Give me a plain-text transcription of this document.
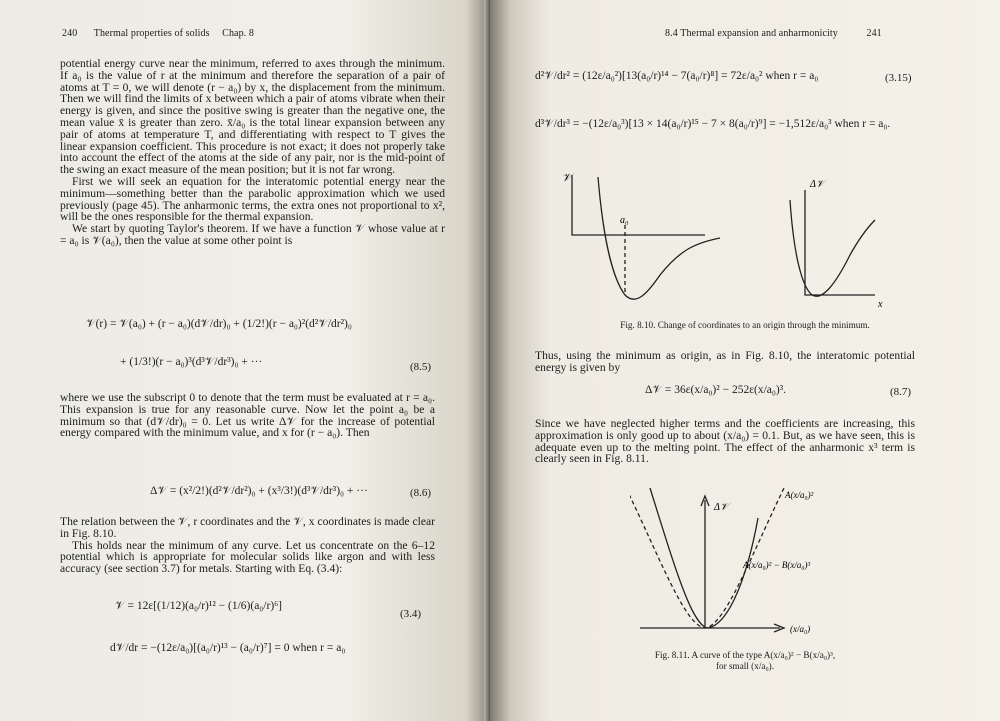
240 Thermal properties of solids Chap. 8

potential energy curve near the minimum, referred to axes through the minimum. If a₀ is the value of r at the minimum and therefore the separation of a pair of atoms at T = 0, we will denote (r − a₀) by x, the displacement from the minimum. Then we will find the limits of x between which a pair of atoms vibrate when their energy is given, and since the positive swing is greater than the negative one, the mean value x̄ is greater than zero. x̄/a₀ is the total linear expansion between any pair of atoms at temperature T, and differentiating with respect to T gives the linear expansion coefficient. This procedure is not exact; it does not properly take into account the effect of the atoms at the side of any pair, nor is the mid-point of the swing an exact measure of the mean position; but it is not far wrong.

First we will seek an equation for the interatomic potential energy near the minimum—something better than the parabolic approximation which we used previously (page 45). The anharmonic terms, the extra ones not proportional to x², will be the ones responsible for the thermal expansion.

We start by quoting Taylor's theorem. If we have a function 𝒱 whose value at r = a₀ is 𝒱(a₀), then the value at some other point is

𝒱(r) = 𝒱(a₀) + (r − a₀)(d𝒱/dr)₀ + (1/2!)(r − a₀)²(d²𝒱/dr²)₀
+ (1/3!)(r − a₀)³(d³𝒱/dr³)₀ + ···	(8.5)

where we use the subscript 0 to denote that the term must be evaluated at r = a₀. This expansion is true for any reasonable curve. Now let the point a₀ be a minimum so that (d𝒱/dr)₀ = 0. Let us write Δ𝒱 for the increase of potential energy compared with the minimum value, and x for (r − a₀). Then

Δ𝒱 = (x²/2!)(d²𝒱/dr²)₀ + (x³/3!)(d³𝒱/dr³)₀ + ···	(8.6)

The relation between the 𝒱, r coordinates and the 𝒱, x coordinates is made clear in Fig. 8.10.

This holds near the minimum of any curve. Let us concentrate on the 6–12 potential which is appropriate for molecular solids like argon and with less accuracy (see section 3.7) for metals. Starting with Eq. (3.4):

𝒱 = 12ε[(1/12)(a₀/r)¹² − (1/6)(a₀/r)⁶]
(3.4)
d𝒱/dr = −(12ε/a₀)[(a₀/r)¹³ − (a₀/r)⁷] = 0 when r = a₀
8.4 Thermal expansion and anharmonicity	241
d²𝒱/dr² = (12ε/a₀²)[13(a₀/r)¹⁴ − 7(a₀/r)⁸] = 72ε/a₀² when r = a₀	(3.15)
d³𝒱/dr³ = −(12ε/a₀³)[13 × 14(a₀/r)¹⁵ − 7 × 8(a₀/r)⁹] = −1,512ε/a₀³ when r = a₀.
𝒱
a₀
Δ𝒱
x
Fig. 8.10. Change of coordinates to an origin through the minimum.

Thus, using the minimum as origin, as in Fig. 8.10, the interatomic potential energy is given by

Δ𝒱 = 36ε(x/a₀)² − 252ε(x/a₀)³.	(8.7)

Since we have neglected higher terms and the coefficients are increasing, this approximation is only good up to about (x/a₀) = 0.1. But, as we have seen, this is adequate even up to the melting point. The effect of the anharmonic x³ term is clearly seen in Fig. 8.11.

Δ𝒱
A(x/a₀)²
A(x/a₀)² − B(x/a₀)³
(x/a₀)
Fig. 8.11. A curve of the type A(x/a₀)² − B(x/a₀)³,
for small (x/a₀).
